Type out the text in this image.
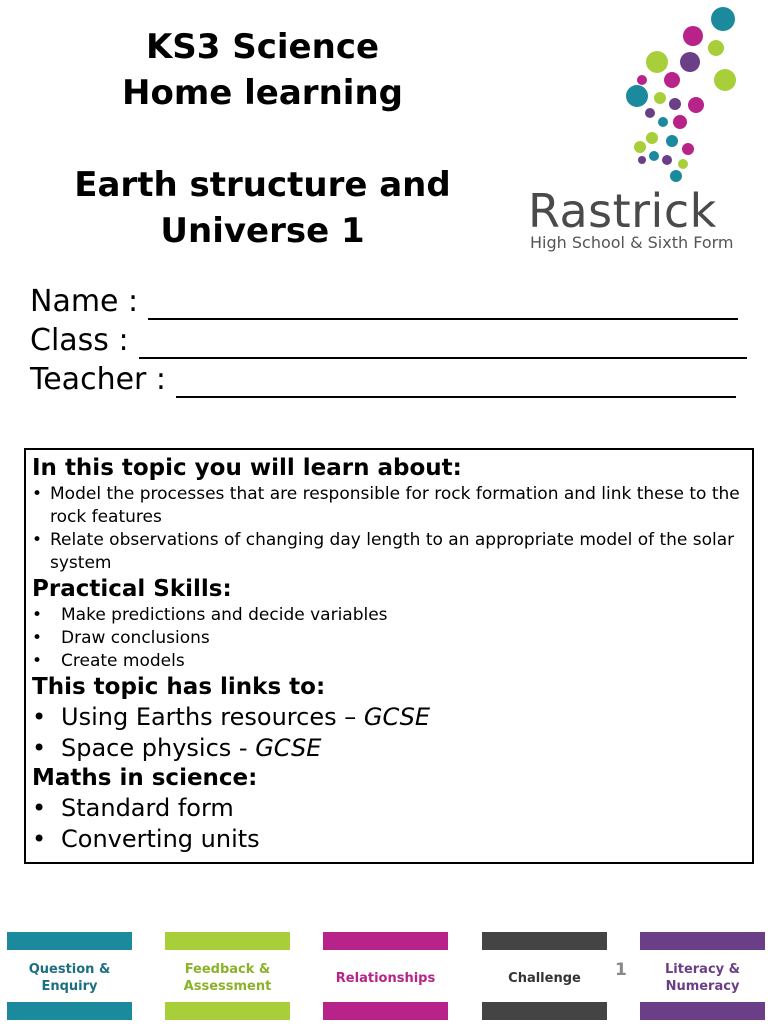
KS3 Science
Home learning
Earth structure and
Universe 1	Rastrick
High School & Sixth Form
Name :
Class :
Teacher :

In this topic you will learn about:

• Model the processes that are responsible for rock formation and link these to the rock features
• Relate observations of changing day length to an appropriate model of the solar system

Practical Skills:

• Make predictions and decide variables
• Draw conclusions
• Create models

This topic has links to:

• Using Earths resources – GCSE
• Space physics - GCSE

Maths in science:

• Standard form
• Converting units
Question &
Enquiry
Feedback &
Assessment
Relationships	Challenge 1	Literacy &
Numeracy
